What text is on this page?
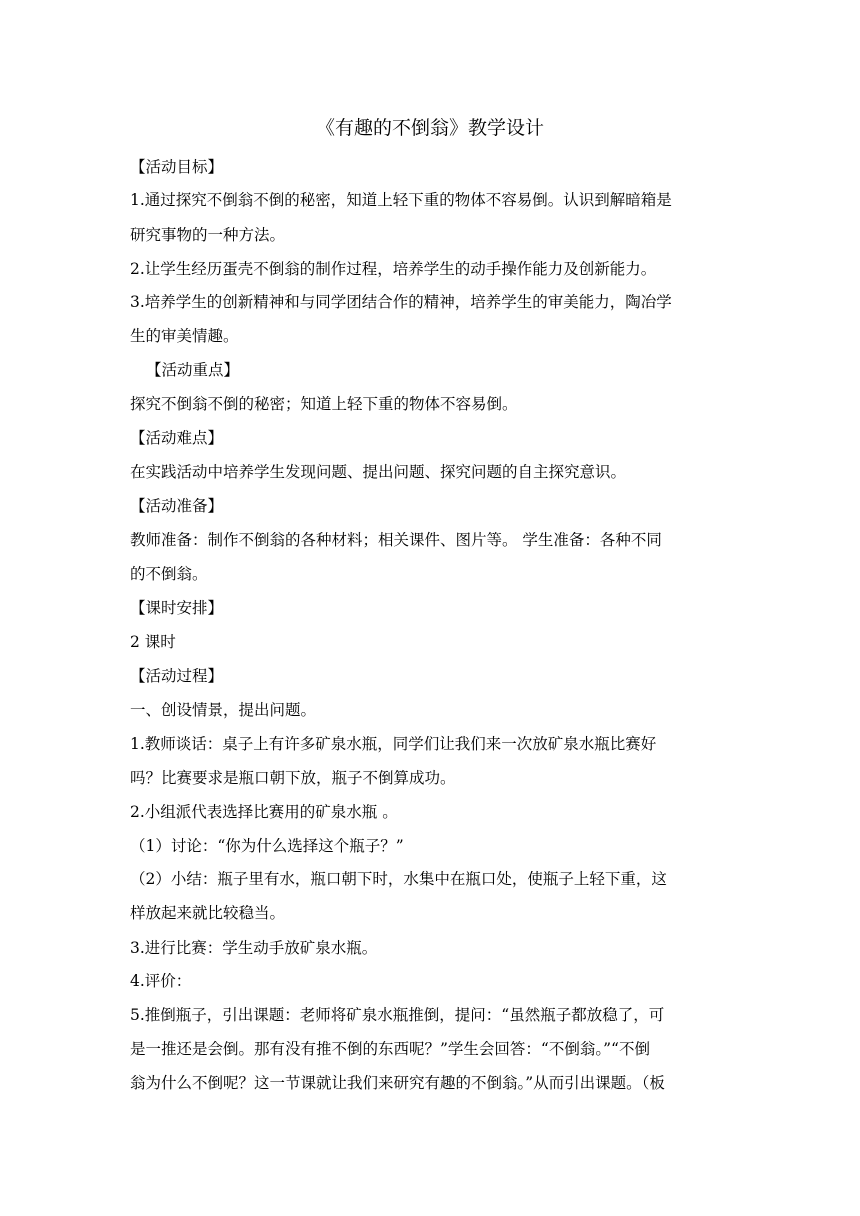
《有趣的不倒翁》教学设计
【活动目标】
1.通过探究不倒翁不倒的秘密，知道上轻下重的物体不容易倒。认识到解暗箱是
研究事物的一种方法。
2.让学生经历蛋壳不倒翁的制作过程，培养学生的动手操作能力及创新能力。
3.培养学生的创新精神和与同学团结合作的精神，培养学生的审美能力，陶冶学
生的审美情趣。
【活动重点】
探究不倒翁不倒的秘密；知道上轻下重的物体不容易倒。
【活动难点】
在实践活动中培养学生发现问题、提出问题、探究问题的自主探究意识。
【活动准备】
教师准备：制作不倒翁的各种材料；相关课件、图片等。 学生准备：各种不同
的不倒翁。
【课时安排】
2 课时
【活动过程】
一、创设情景，提出问题。
1.教师谈话：桌子上有许多矿泉水瓶，同学们让我们来一次放矿泉水瓶比赛好
吗？比赛要求是瓶口朝下放，瓶子不倒算成功。
2.小组派代表选择比赛用的矿泉水瓶 。
（1）讨论：“你为什么选择这个瓶子？”
（2）小结：瓶子里有水，瓶口朝下时，水集中在瓶口处，使瓶子上轻下重，这
样放起来就比较稳当。
3.进行比赛：学生动手放矿泉水瓶。
4.评价：
5.推倒瓶子，引出课题：老师将矿泉水瓶推倒，提问：“虽然瓶子都放稳了，可
是一推还是会倒。那有没有推不倒的东西呢？”学生会回答：“不倒翁。”“不倒
翁为什么不倒呢？这一节课就让我们来研究有趣的不倒翁。”从而引出课题。（板
